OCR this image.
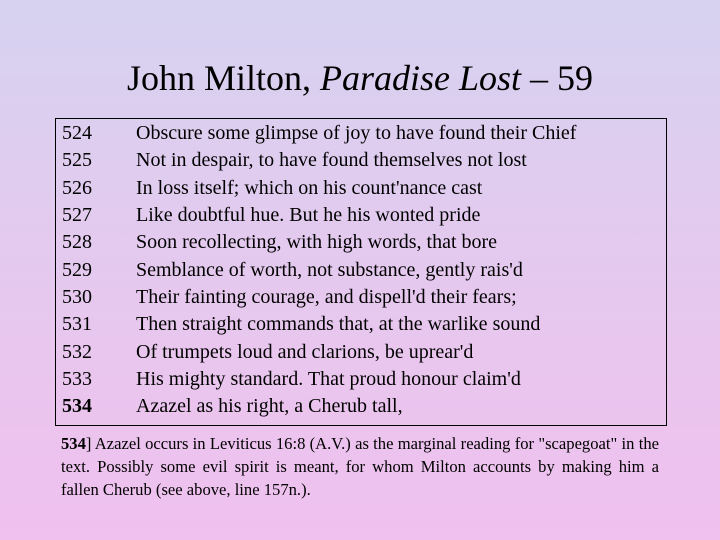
John Milton, Paradise Lost – 59
524	Obscure some glimpse of joy to have found their Chief
525	Not in despair, to have found themselves not lost
526	In loss itself; which on his count'nance cast
527	Like doubtful hue. But he his wonted pride
528	Soon recollecting, with high words, that bore
529	Semblance of worth, not substance, gently rais'd
530	Their fainting courage, and dispell'd their fears;
531	Then straight commands that, at the warlike sound
532	Of trumpets loud and clarions, be uprear'd
533	His mighty standard. That proud honour claim'd
534	Azazel as his right, a Cherub tall,
534] Azazel occurs in Leviticus 16:8 (A.V.) as the marginal reading for "scapegoat" in the text. Possibly some evil spirit is meant, for whom Milton accounts by making him a fallen Cherub (see above, line 157n.).
